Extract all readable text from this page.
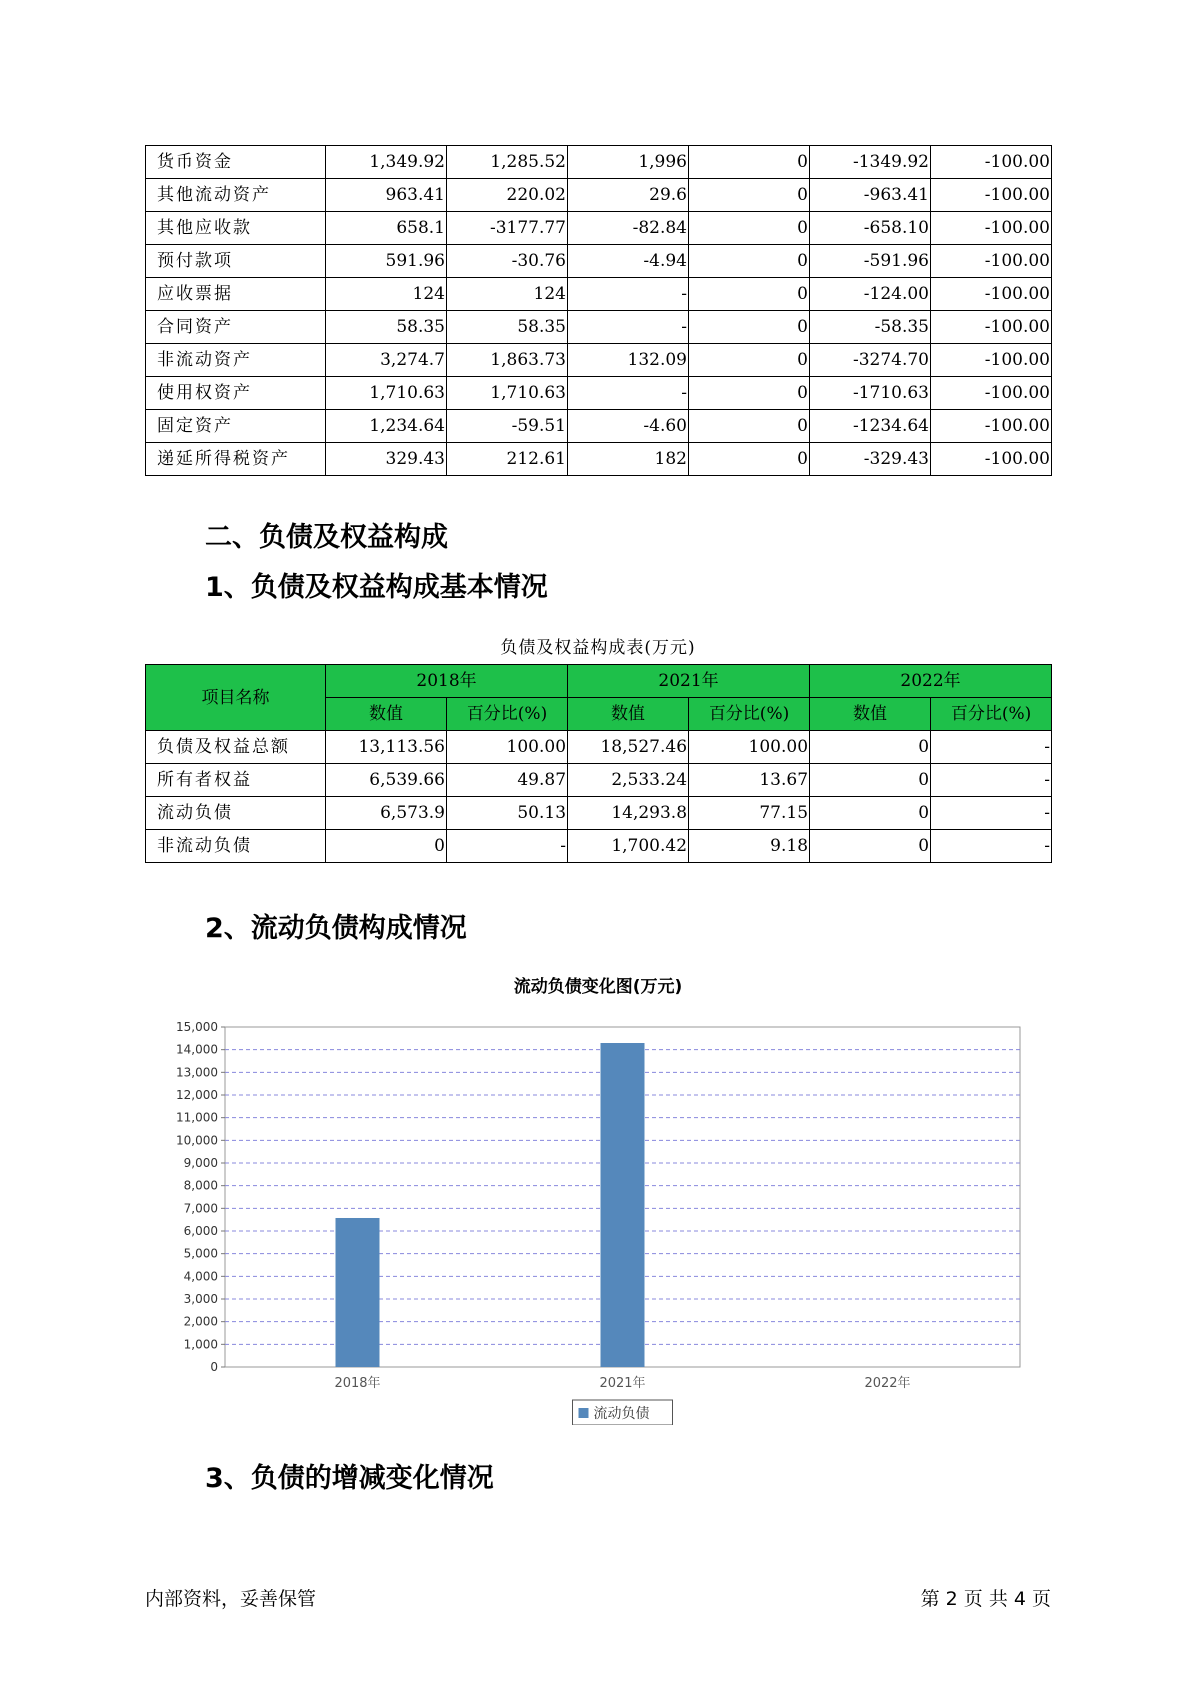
货币资金	1,349.92	1,285.52	1,996	0	-1349.92	-100.00
其他流动资产	963.41	220.02	29.6	0	-963.41	-100.00
其他应收款	658.1	-3177.77	-82.84	0	-658.10	-100.00
预付款项	591.96	-30.76	-4.94	0	-591.96	-100.00
应收票据	124	124	-	0	-124.00	-100.00
合同资产	58.35	58.35	-	0	-58.35	-100.00
非流动资产	3,274.7	1,863.73	132.09	0	-3274.70	-100.00
使用权资产	1,710.63	1,710.63	-	0	-1710.63	-100.00
固定资产	1,234.64	-59.51	-4.60	0	-1234.64	-100.00
递延所得税资产	329.43	212.61	182	0	-329.43	-100.00
二、负债及权益构成
1、负债及权益构成基本情况
负债及权益构成表(万元)
项目名称	2018年		2021年		2022年	
	数值	百分比(%)	数值	百分比(%)	数值	百分比(%)
负债及权益总额	13,113.56	100.00	18,527.46	100.00	0	-
所有者权益	6,539.66	49.87	2,533.24	13.67	0	-
流动负债	6,573.9	50.13	14,293.8	77.15	0	-
非流动负债	0	-	1,700.42	9.18	0	-
2、流动负债构成情况
流动负债变化图(万元)
0
1,000
2,000
3,000
4,000
5,000
6,000
7,000
8,000
9,000
10,000
11,000
12,000
13,000
14,000
15,000
2018年	2021年	2022年
流动负债
3、负债的增减变化情况
内部资料，妥善保管	第 2 页 共 4 页
